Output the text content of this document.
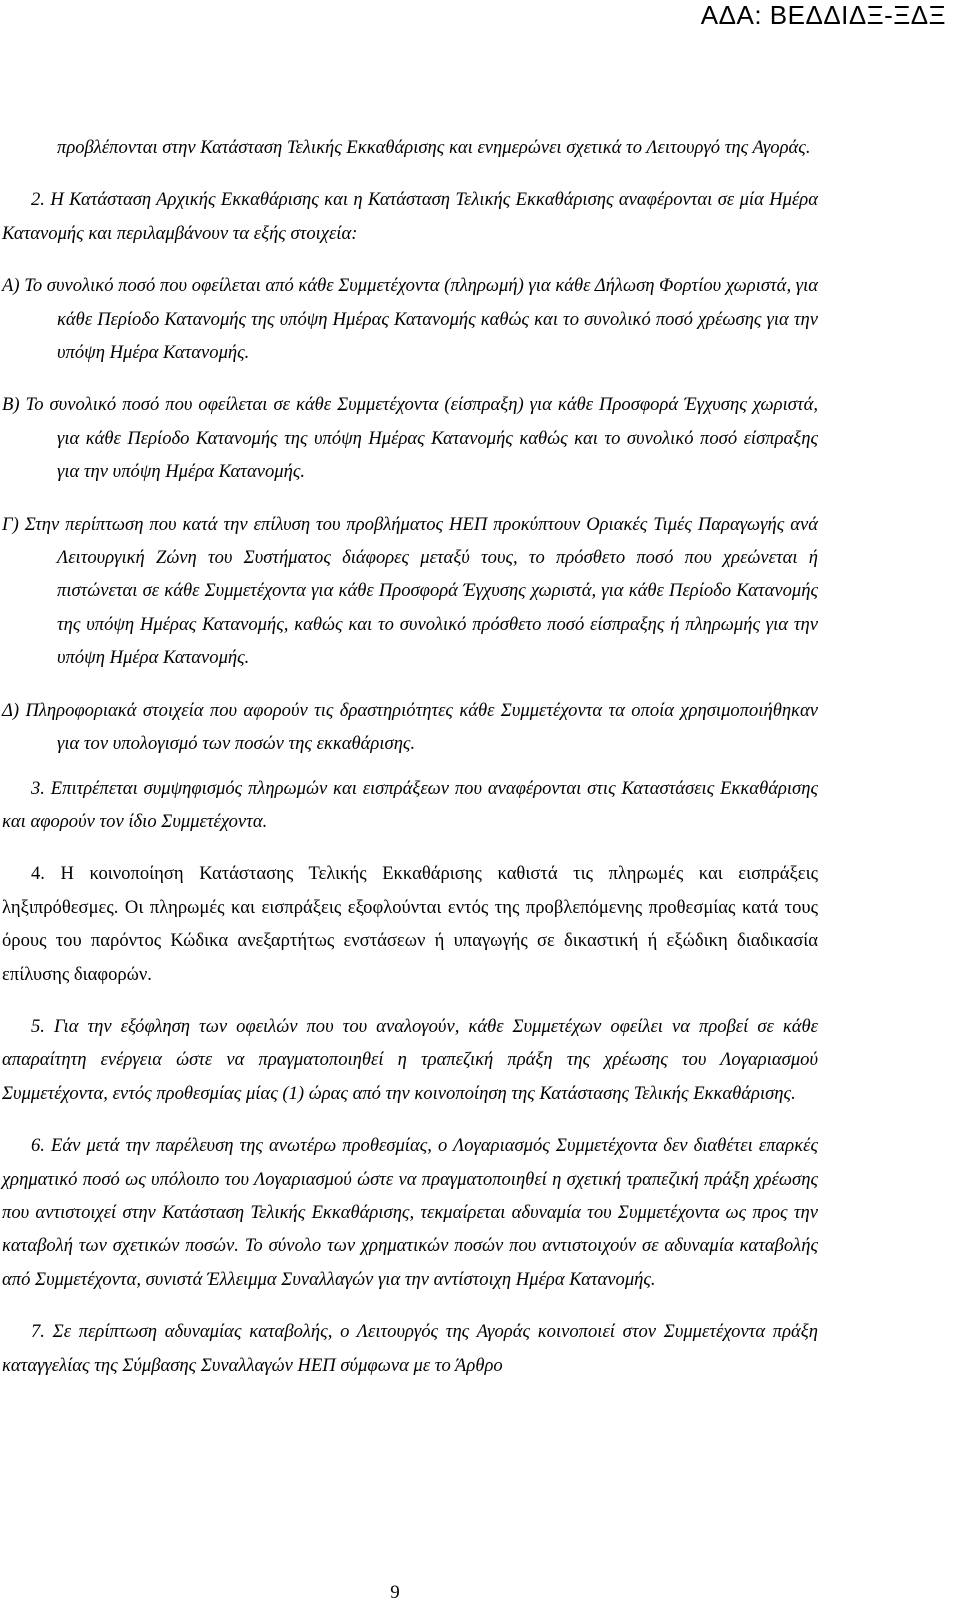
ΑΔΑ: ΒΕΔΔΙΔΞ-ΞΔΞ

προβλέπονται στην Κατάσταση Τελικής Εκκαθάρισης και ενημερώνει σχετικά το Λειτουργό της Αγοράς.

2. Η Κατάσταση Αρχικής Εκκαθάρισης και η Κατάσταση Τελικής Εκκαθάρισης αναφέρονται σε μία Ημέρα Κατανομής και περιλαμβάνουν τα εξής στοιχεία:

Α) Το συνολικό ποσό που οφείλεται από κάθε Συμμετέχοντα (πληρωμή) για κάθε Δήλωση Φορτίου χωριστά, για κάθε Περίοδο Κατανομής της υπόψη Ημέρας Κατανομής καθώς και το συνολικό ποσό χρέωσης για την υπόψη Ημέρα Κατανομής.

Β) Το συνολικό ποσό που οφείλεται σε κάθε Συμμετέχοντα (είσπραξη) για κάθε Προσφορά Έγχυσης χωριστά, για κάθε Περίοδο Κατανομής της υπόψη Ημέρας Κατανομής καθώς και το συνολικό ποσό είσπραξης για την υπόψη Ημέρα Κατανομής.

Γ) Στην περίπτωση που κατά την επίλυση του προβλήματος ΗΕΠ προκύπτουν Οριακές Τιμές Παραγωγής ανά Λειτουργική Ζώνη του Συστήματος διάφορες μεταξύ τους, το πρόσθετο ποσό που χρεώνεται ή πιστώνεται σε κάθε Συμμετέχοντα για κάθε Προσφορά Έγχυσης χωριστά, για κάθε Περίοδο Κατανομής της υπόψη Ημέρας Κατανομής, καθώς και το συνολικό πρόσθετο ποσό είσπραξης ή πληρωμής για την υπόψη Ημέρα Κατανομής.

Δ) Πληροφοριακά στοιχεία που αφορούν τις δραστηριότητες κάθε Συμμετέχοντα τα οποία χρησιμοποιήθηκαν για τον υπολογισμό των ποσών της εκκαθάρισης.

3. Επιτρέπεται συμψηφισμός πληρωμών και εισπράξεων που αναφέρονται στις Καταστάσεις Εκκαθάρισης και αφορούν τον ίδιο Συμμετέχοντα.

4. Η κοινοποίηση Κατάστασης Τελικής Εκκαθάρισης καθιστά τις πληρωμές και εισπράξεις ληξιπρόθεσμες. Οι πληρωμές και εισπράξεις εξοφλούνται εντός της προβλεπόμενης προθεσμίας κατά τους όρους του παρόντος Κώδικα ανεξαρτήτως ενστάσεων ή υπαγωγής σε δικαστική ή εξώδικη διαδικασία επίλυσης διαφορών.

5. Για την εξόφληση των οφειλών που του αναλογούν, κάθε Συμμετέχων οφείλει να προβεί σε κάθε απαραίτητη ενέργεια ώστε να πραγματοποιηθεί η τραπεζική πράξη της χρέωσης του Λογαριασμού Συμμετέχοντα, εντός προθεσμίας μίας (1) ώρας από την κοινοποίηση της Κατάστασης Τελικής Εκκαθάρισης.

6. Εάν μετά την παρέλευση της ανωτέρω προθεσμίας, ο Λογαριασμός Συμμετέχοντα δεν διαθέτει επαρκές χρηματικό ποσό ως υπόλοιπο του Λογαριασμού ώστε να πραγματοποιηθεί η σχετική τραπεζική πράξη χρέωσης που αντιστοιχεί στην Κατάσταση Τελικής Εκκαθάρισης, τεκμαίρεται αδυναμία του Συμμετέχοντα ως προς την καταβολή των σχετικών ποσών. Το σύνολο των χρηματικών ποσών που αντιστοιχούν σε αδυναμία καταβολής από Συμμετέχοντα, συνιστά Έλλειμμα Συναλλαγών για την αντίστοιχη Ημέρα Κατανομής.

7. Σε περίπτωση αδυναμίας καταβολής, ο Λειτουργός της Αγοράς κοινοποιεί στον Συμμετέχοντα πράξη καταγγελίας της Σύμβασης Συναλλαγών ΗΕΠ σύμφωνα με το Άρθρο

9
